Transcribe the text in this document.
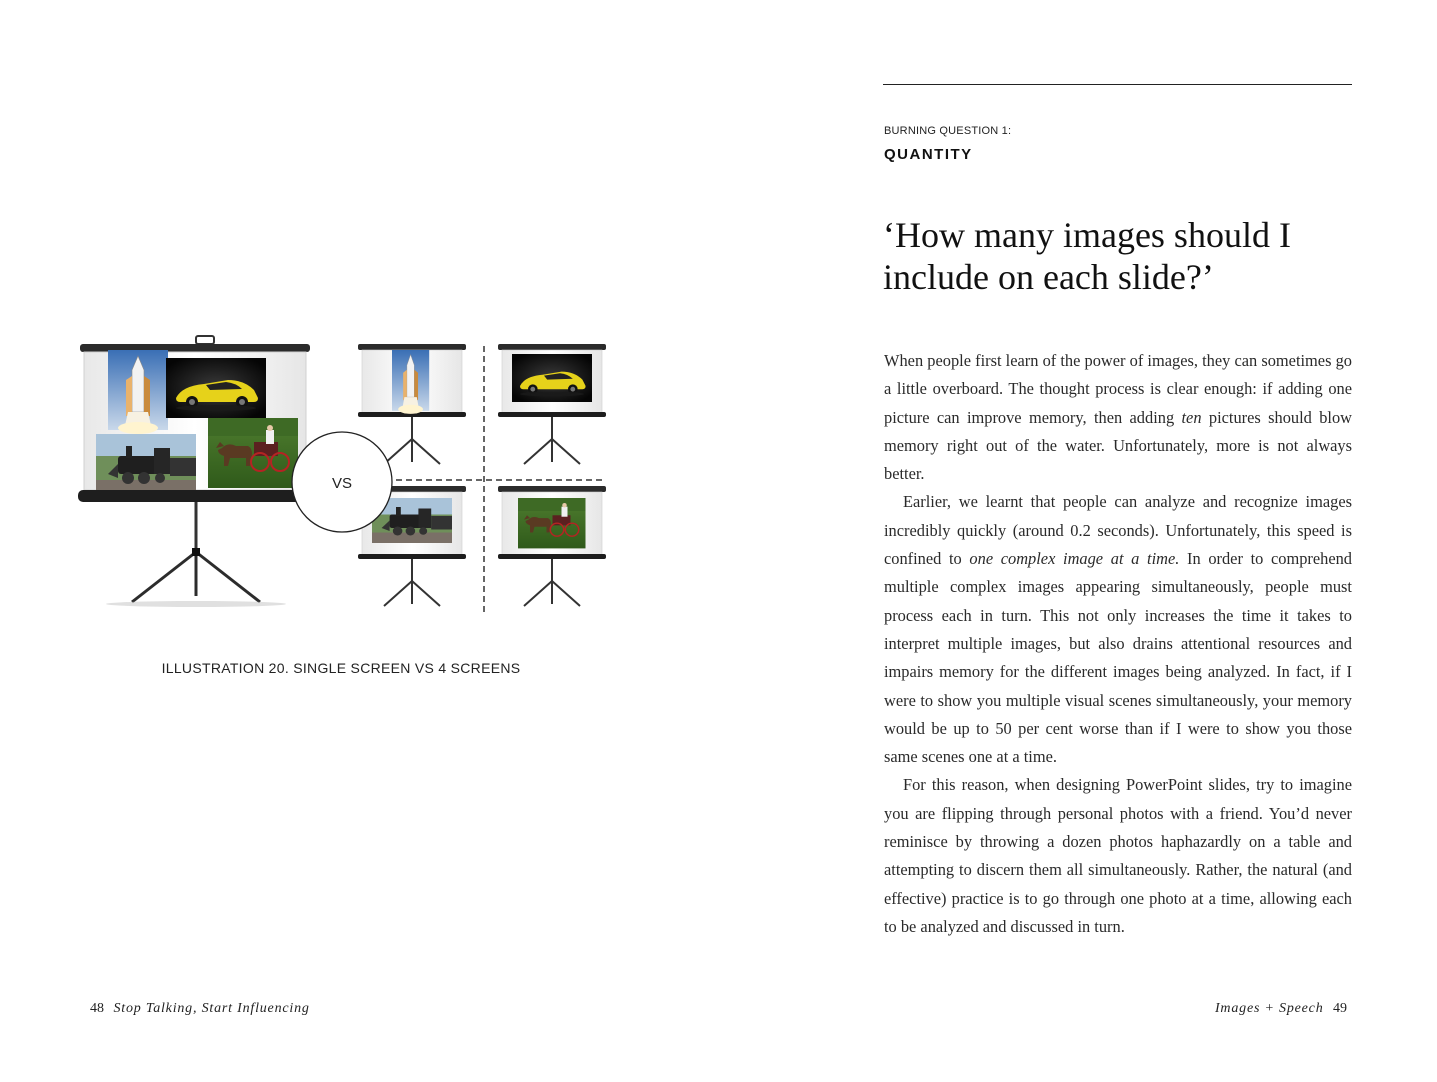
VS
ILLUSTRATION 20. SINGLE SCREEN VS 4 SCREENS
48 Stop Talking, Start Influencing
BURNING QUESTION 1:
QUANTITY
‘How many images should I include on each slide?’

When people first learn of the power of images, they can sometimes go a little overboard. The thought process is clear enough: if adding one picture can improve memory, then adding ten pictures should blow memory right out of the water. Unfortunately, more is not always better.

Earlier, we learnt that people can analyze and recognize images incredibly quickly (around 0.2 seconds). Unfortunately, this speed is confined to one complex image at a time. In order to comprehend multiple complex images appearing simultaneously, people must process each in turn. This not only increases the time it takes to interpret multiple images, but also drains attentional resources and impairs memory for the different images being analyzed. In fact, if I were to show you multiple visual scenes simultaneously, your memory would be up to 50 per cent worse than if I were to show you those same scenes one at a time.

For this reason, when designing PowerPoint slides, try to imagine you are flipping through personal photos with a friend. You’d never reminisce by throwing a dozen photos haphazardly on a table and attempting to discern them all simultaneously. Rather, the natural (and effective) practice is to go through one photo at a time, allowing each to be analyzed and discussed in turn.

Images + Speech 49
